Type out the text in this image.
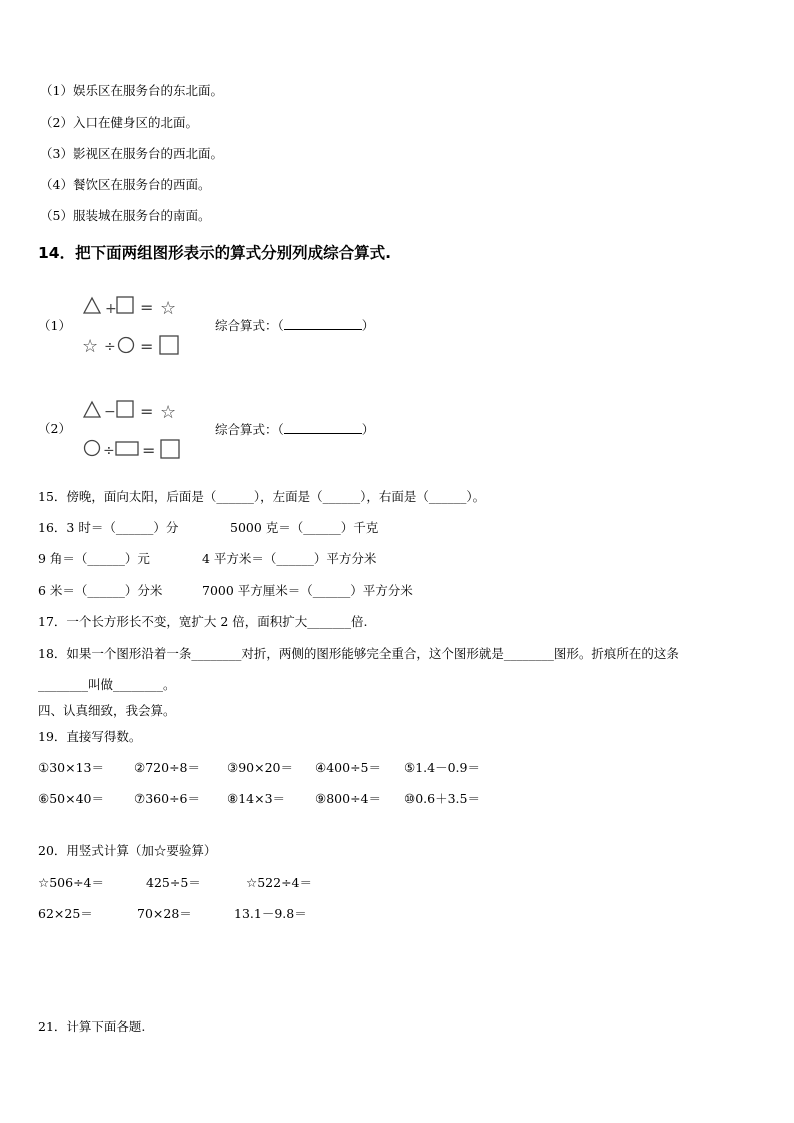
（1）娱乐区在服务台的东北面。
（2）入口在健身区的北面。
（3）影视区在服务台的西北面。
（4）餐饮区在服务台的西面。
（5）服装城在服务台的南面。
14．把下面两组图形表示的算式分别列成综合算式.
（1）
+ = ☆
☆ ÷ =
综合算式：（	）
（2）
− = ☆
÷ =
综合算式：（	）
15．傍晚，面向太阳，后面是（______），左面是（______），右面是（______）。
16．3 时＝（______）分	5000 克＝（______）千克
9 角＝（______）元	4 平方米＝（______）平方分米
6 米＝（______）分米	7000 平方厘米＝（______）平方分米
17．一个长方形长不变，宽扩大 2 倍，面积扩大_______倍.
18．如果一个图形沿着一条________对折，两侧的图形能够完全重合，这个图形就是________图形。折痕所在的这条
________叫做________。
四、认真细致，我会算。
19．直接写得数。
①30×13＝ ②720÷8＝ ③90×20＝ ④400÷5＝ ⑤1.4－0.9＝
⑥50×40＝ ⑦360÷6＝ ⑧14×3＝ ⑨800÷4＝ ⑩0.6＋3.5＝
20．用竖式计算（加☆要验算）
☆506÷4＝	425÷5＝	☆522÷4＝
62×25＝	70×28＝	13.1－9.8＝
21．计算下面各题.
